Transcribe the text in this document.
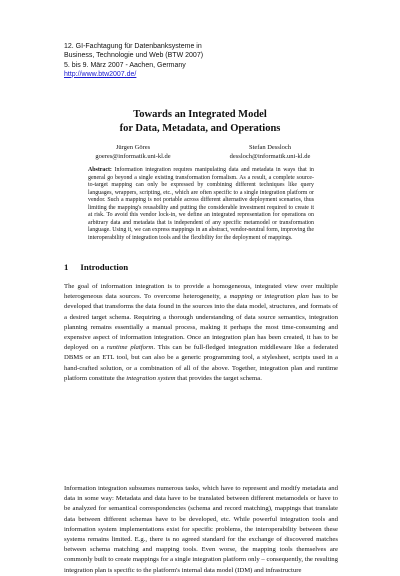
12. GI-Fachtagung für Datenbanksysteme in
Business, Technologie und Web (BTW 2007)
5. bis 9. März 2007 - Aachen, Germany
http://www.btw2007.de/
Towards an Integrated Model
for Data, Metadata, and Operations
Jürgen Göres
goeres@informatik.uni-kl.de
Stefan Dessloch
dessloch@informatik.uni-kl.de
Abstract: Information integration requires manipulating data and metadata in ways that in general go beyond a single existing transformation formalism. As a result, a complete source-to-target mapping can only be expressed by combining different techniques like query languages, wrappers, scripting, etc., which are often specific to a single integration platform or vendor. Such a mapping is not portable across different alternative deployment scenarios, thus limiting the mapping's reusability and putting the considerable investment required to create it at risk. To avoid this vendor lock-in, we define an integrated representation for operations on arbitrary data and metadata that is independent of any specific metamodel or transformation language. Using it, we can express mappings in an abstract, vendor-neutral form, improving the interoperability of integration tools and the flexibility for the deployment of mappings.
1 Introduction
The goal of information integration is to provide a homogeneous, integrated view over multiple heterogeneous data sources. To overcome heterogeneity, a mapping or integration plan has to be developed that transforms the data found in the sources into the data model, structures, and formats of a desired target schema. Requiring a thorough understanding of data source semantics, integration planning remains essentially a manual process, making it perhaps the most time-consuming and expensive aspect of information integration. Once an integration plan has been created, it has to be deployed on a runtime platform. This can be full-fledged integration middleware like a federated DBMS or an ETL tool, but can also be a generic programming tool, a stylesheet, scripts used in a hand-crafted solution, or a combination of all of the above. Together, integration plan and runtime platform constitute the integration system that provides the target schema.
Information integration subsumes numerous tasks, which have to represent and modify metadata and data in some way: Metadata and data have to be translated between different metamodels or have to be analyzed for semantical correspondencies (schema and record matching), mappings that translate data between different schemas have to be developed, etc. While powerful integration tools and information system implementations exist for specific problems, the interoperability between these systems remains limited. E.g., there is no agreed standard for the exchange of discovered matches between schema matching and mapping tools. Even worse, the mapping tools themselves are commonly built to create mappings for a single integration platform only – consequently, the resulting integration plan is specific to the platform's internal data model (IDM) and infrastructure
